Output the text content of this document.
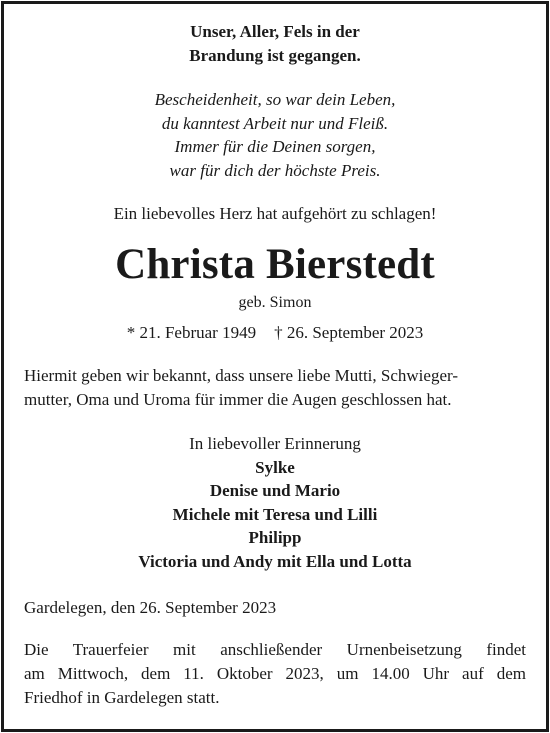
Unser, Aller, Fels in der
Brandung ist gegangen.
Bescheidenheit, so war dein Leben,
du kanntest Arbeit nur und Fleiß.
Immer für die Deinen sorgen,
war für dich der höchste Preis.
Ein liebevolles Herz hat aufgehört zu schlagen!
Christa Bierstedt
geb. Simon
* 21. Februar 1949 † 26. September 2023
Hiermit geben wir bekannt, dass unsere liebe Mutti, Schwieger-
mutter, Oma und Uroma für immer die Augen geschlossen hat.
In liebevoller Erinnerung
Sylke
Denise und Mario
Michele mit Teresa und Lilli
Philipp
Victoria und Andy mit Ella und Lotta
Gardelegen, den 26. September 2023
Die Trauerfeier mit anschließender Urnenbeisetzung findet
am Mittwoch, dem 11. Oktober 2023, um 14.00 Uhr auf dem
Friedhof in Gardelegen statt.
